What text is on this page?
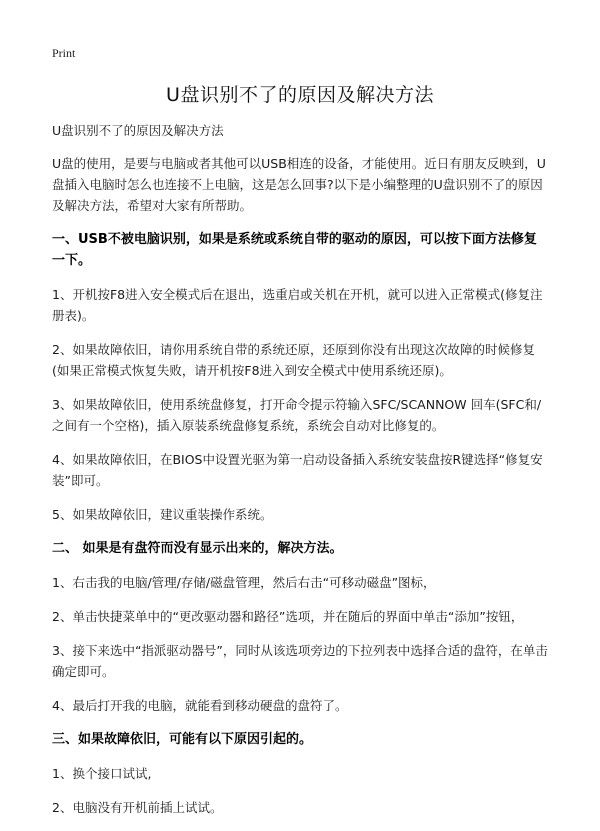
Print
U盘识别不了的原因及解决方法

U盘识别不了的原因及解决方法

U盘的使用，是要与电脑或者其他可以USB相连的设备，才能使用。近日有朋友反映到，U盘插入电脑时怎么也连接不上电脑，这是怎么回事?以下是小编整理的U盘识别不了的原因及解决方法，希望对大家有所帮助。

一、USB不被电脑识别，如果是系统或系统自带的驱动的原因，可以按下面方法修复一下。

1、开机按F8进入安全模式后在退出，选重启或关机在开机，就可以进入正常模式(修复注册表)。

2、如果故障依旧，请你用系统自带的系统还原，还原到你没有出现这次故障的时候修复(如果正常模式恢复失败，请开机按F8进入到安全模式中使用系统还原)。

3、如果故障依旧，使用系统盘修复，打开命令提示符输入SFC/SCANNOW 回车(SFC和/之间有一个空格)，插入原装系统盘修复系统，系统会自动对比修复的。

4、如果故障依旧，在BIOS中设置光驱为第一启动设备插入系统安装盘按R键选择“修复安装”即可。

5、如果故障依旧，建议重装操作系统。

二、 如果是有盘符而没有显示出来的，解决方法。

1、右击我的电脑/管理/存储/磁盘管理，然后右击“可移动磁盘”图标，

2、单击快捷菜单中的“更改驱动器和路径”选项，并在随后的界面中单击“添加”按钮，

3、接下来选中“指派驱动器号”，同时从该选项旁边的下拉列表中选择合适的盘符，在单击确定即可。

4、最后打开我的电脑，就能看到移动硬盘的盘符了。

三、如果故障依旧，可能有以下原因引起的。

1、换个接口试试,

2、电脑没有开机前插上试试。
